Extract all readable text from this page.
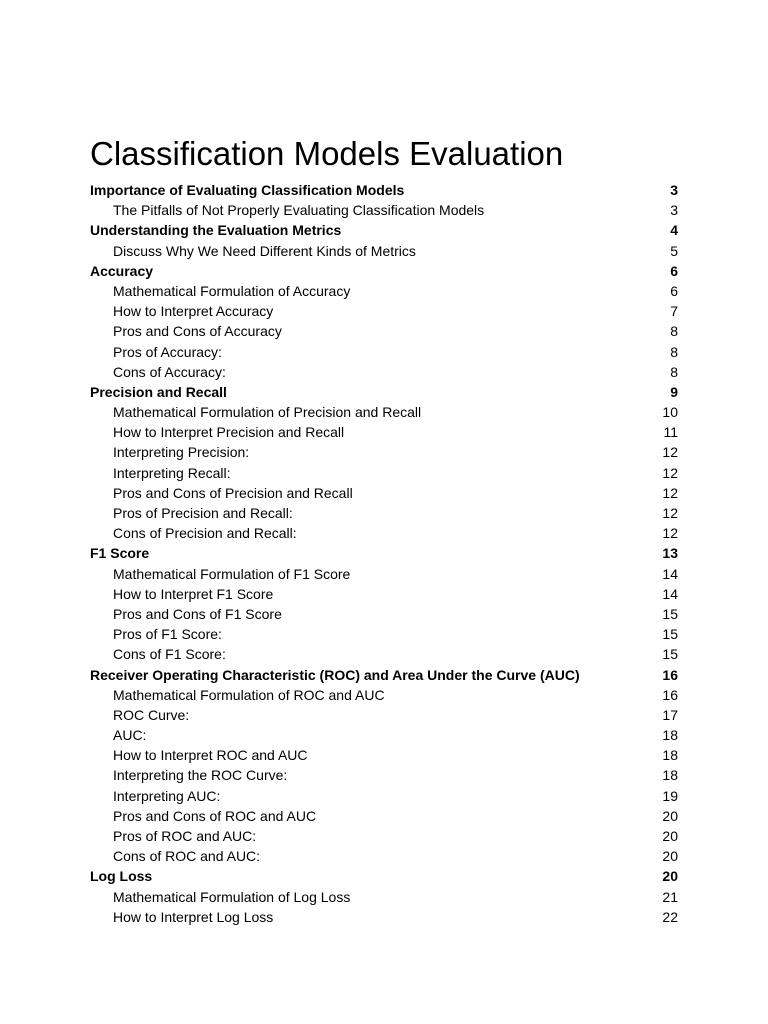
Classification Models Evaluation
Importance of Evaluating Classification Models	3
The Pitfalls of Not Properly Evaluating Classification Models	3
Understanding the Evaluation Metrics	4
Discuss Why We Need Different Kinds of Metrics	5
Accuracy	6
Mathematical Formulation of Accuracy	6
How to Interpret Accuracy	7
Pros and Cons of Accuracy	8
Pros of Accuracy:	8
Cons of Accuracy:	8
Precision and Recall	9
Mathematical Formulation of Precision and Recall	10
How to Interpret Precision and Recall	11
Interpreting Precision:	12
Interpreting Recall:	12
Pros and Cons of Precision and Recall	12
Pros of Precision and Recall:	12
Cons of Precision and Recall:	12
F1 Score	13
Mathematical Formulation of F1 Score	14
How to Interpret F1 Score	14
Pros and Cons of F1 Score	15
Pros of F1 Score:	15
Cons of F1 Score:	15
Receiver Operating Characteristic (ROC) and Area Under the Curve (AUC)	16
Mathematical Formulation of ROC and AUC	16
ROC Curve:	17
AUC:	18
How to Interpret ROC and AUC	18
Interpreting the ROC Curve:	18
Interpreting AUC:	19
Pros and Cons of ROC and AUC	20
Pros of ROC and AUC:	20
Cons of ROC and AUC:	20
Log Loss	20
Mathematical Formulation of Log Loss	21
How to Interpret Log Loss	22
